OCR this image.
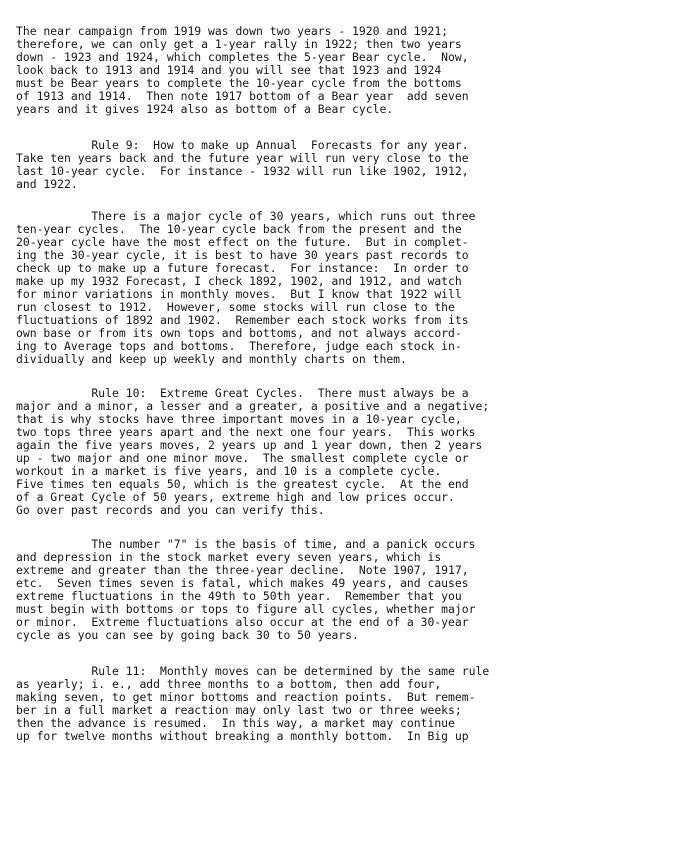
The near campaign from 1919 was down two years - 1920 and 1921;
therefore, we can only get a 1-year rally in 1922; then two years
down - 1923 and 1924, which completes the 5-year Bear cycle.  Now,
look back to 1913 and 1914 and you will see that 1923 and 1924
must be Bear years to complete the 10-year cycle from the bottoms
of 1913 and 1914.  Then note 1917 bottom of a Bear year  add seven
years and it gives 1924 also as bottom of a Bear cycle.
Rule 9:  How to make up Annual  Forecasts for any year.
Take ten years back and the future year will run very close to the
last 10-year cycle.  For instance - 1932 will run like 1902, 1912,
and 1922.
There is a major cycle of 30 years, which runs out three
ten-year cycles.  The 10-year cycle back from the present and the
20-year cycle have the most effect on the future.  But in complet-
ing the 30-year cycle, it is best to have 30 years past records to
check up to make up a future forecast.  For instance:  In order to
make up my 1932 Forecast, I check 1892, 1902, and 1912, and watch
for minor variations in monthly moves.  But I know that 1922 will
run closest to 1912.  However, some stocks will run close to the
fluctuations of 1892 and 1902.  Remember each stock works from its
own base or from its own tops and bottoms, and not always accord-
ing to Average tops and bottoms.  Therefore, judge each stock in-
dividually and keep up weekly and monthly charts on them.
Rule 10:  Extreme Great Cycles.  There must always be a
major and a minor, a lesser and a greater, a positive and a negative;
that is why stocks have three important moves in a 10-year cycle,
two tops three years apart and the next one four years.  This works
again the five years moves, 2 years up and 1 year down, then 2 years
up - two major and one minor move.  The smallest complete cycle or
workout in a market is five years, and 10 is a complete cycle.
Five times ten equals 50, which is the greatest cycle.  At the end
of a Great Cycle of 50 years, extreme high and low prices occur.
Go over past records and you can verify this.
The number "7" is the basis of time, and a panick occurs
and depression in the stock market every seven years, which is
extreme and greater than the three-year decline.  Note 1907, 1917,
etc.  Seven times seven is fatal, which makes 49 years, and causes
extreme fluctuations in the 49th to 50th year.  Remember that you
must begin with bottoms or tops to figure all cycles, whether major
or minor.  Extreme fluctuations also occur at the end of a 30-year
cycle as you can see by going back 30 to 50 years.
Rule 11:  Monthly moves can be determined by the same rule
as yearly; i. e., add three months to a bottom, then add four,
making seven, to get minor bottoms and reaction points.  But remem-
ber in a full market a reaction may only last two or three weeks;
then the advance is resumed.  In this way, a market may continue
up for twelve months without breaking a monthly bottom.  In Big up
